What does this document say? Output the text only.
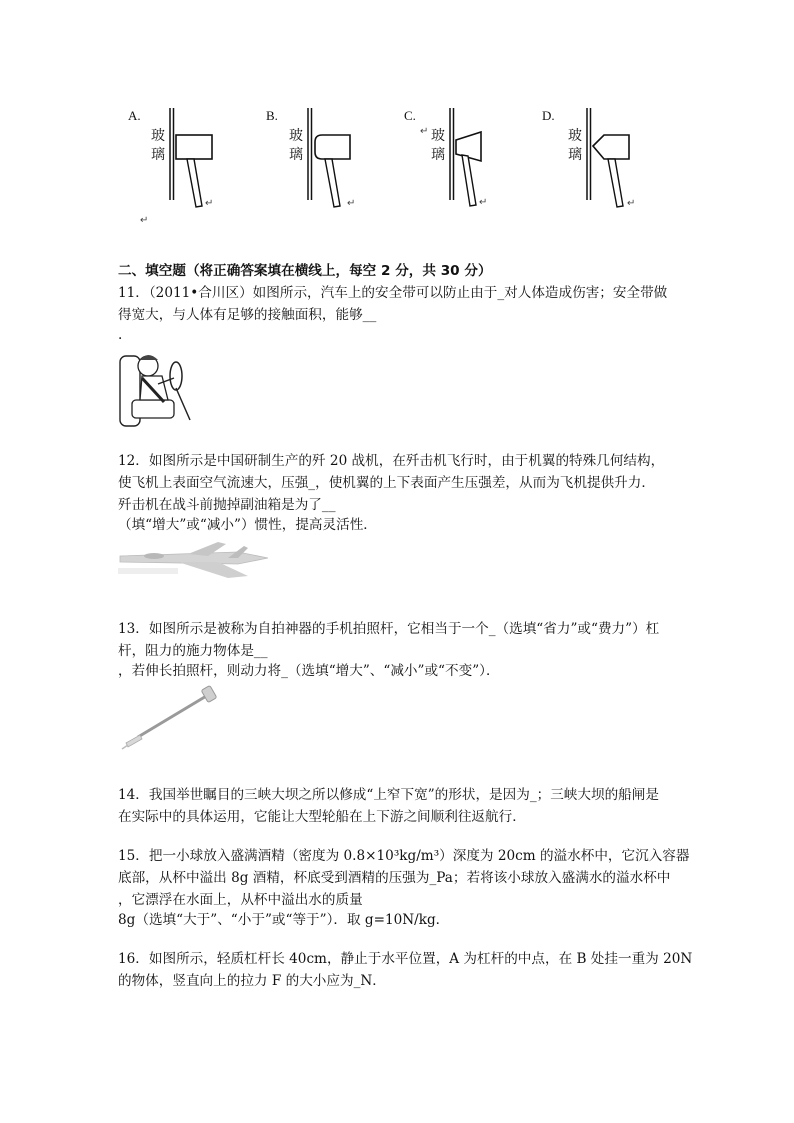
A.
玻
璃
↵
B.
玻
璃
↵
C.
↵ 玻
璃
↵
D.
玻
璃
↵
↵
二、填空题（将正确答案填在横线上，每空 2 分，共 30 分）
11．（2011•合川区）如图所示，汽车上的安全带可以防止由于_对人体造成伤害；安全带做
得宽大，与人体有足够的接触面积，能够__
.
12．如图所示是中国研制生产的歼 20 战机，在歼击机飞行时，由于机翼的特殊几何结构，
使飞机上表面空气流速大，压强_，使机翼的上下表面产生压强差，从而为飞机提供升力．
歼击机在战斗前抛掉副油箱是为了__
（填“增大”或“减小”）惯性，提高灵活性．
13．如图所示是被称为自拍神器的手机拍照杆，它相当于一个_（选填“省力”或“费力”）杠
杆，阻力的施力物体是__
，若伸长拍照杆，则动力将_（选填“增大”、“减小”或“不变”）．
14．我国举世瞩目的三峡大坝之所以修成“上窄下宽”的形状，是因为_；三峡大坝的船闸是
在实际中的具体运用，它能让大型轮船在上下游之间顺利往返航行．
15．把一小球放入盛满酒精（密度为 0.8×10³kg/m³）深度为 20cm 的溢水杯中，它沉入容器
底部，从杯中溢出 8g 酒精，杯底受到酒精的压强为_Pa；若将该小球放入盛满水的溢水杯中
，它漂浮在水面上，从杯中溢出水的质量
8g（选填“大于”、“小于”或“等于”）．取 g=10N/kg．
16．如图所示，轻质杠杆长 40cm，静止于水平位置，A 为杠杆的中点，在 B 处挂一重为 20N
的物体，竖直向上的拉力 F 的大小应为_N．
